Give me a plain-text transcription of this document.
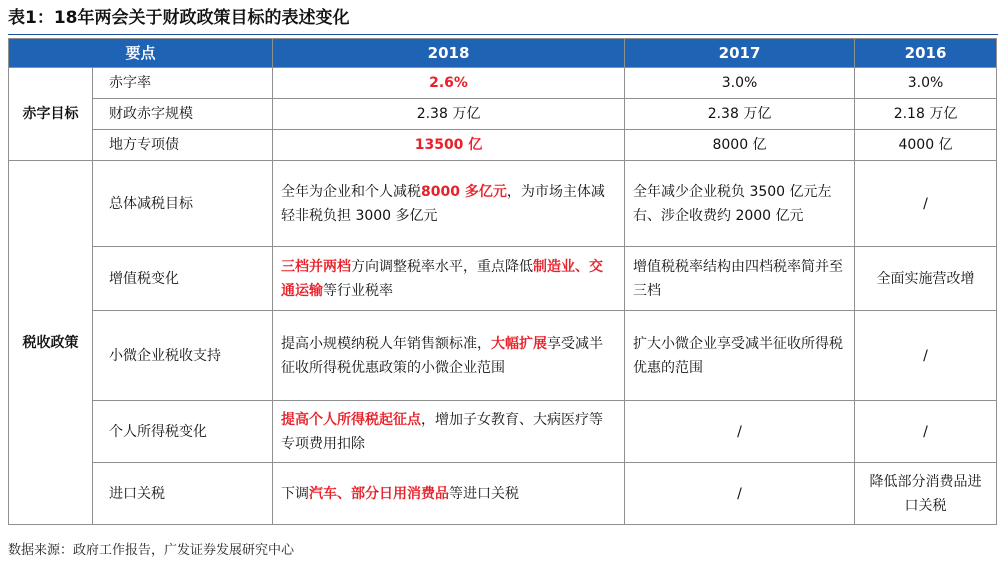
表1：18年两会关于财政政策目标的表述变化
要点		2018	2017	2016
赤字目标	赤字率	2.6%	3.0%	3.0%
	财政赤字规模	2.38 万亿	2.38 万亿	2.18 万亿
	地方专项债	13500 亿	8000 亿	4000 亿
税收政策	总体减税目标	全年为企业和个人减税8000 多亿元，为市场主体减轻非税负担 3000 多亿元	全年减少企业税负 3500 亿元左右、涉企收费约 2000 亿元	/
	增值税变化	三档并两档方向调整税率水平，重点降低制造业、交通运输等行业税率	增值税税率结构由四档税率简并至三档	全面实施营改增
	小微企业税收支持	提高小规模纳税人年销售额标准，大幅扩展享受减半征收所得税优惠政策的小微企业范围	扩大小微企业享受减半征收所得税优惠的范围	/
	个人所得税变化	提高个人所得税起征点，增加子女教育、大病医疗等专项费用扣除	/	/
	进口关税	下调汽车、部分日用消费品等进口关税	/	降低部分消费品进口关税
数据来源：政府工作报告，广发证券发展研究中心
